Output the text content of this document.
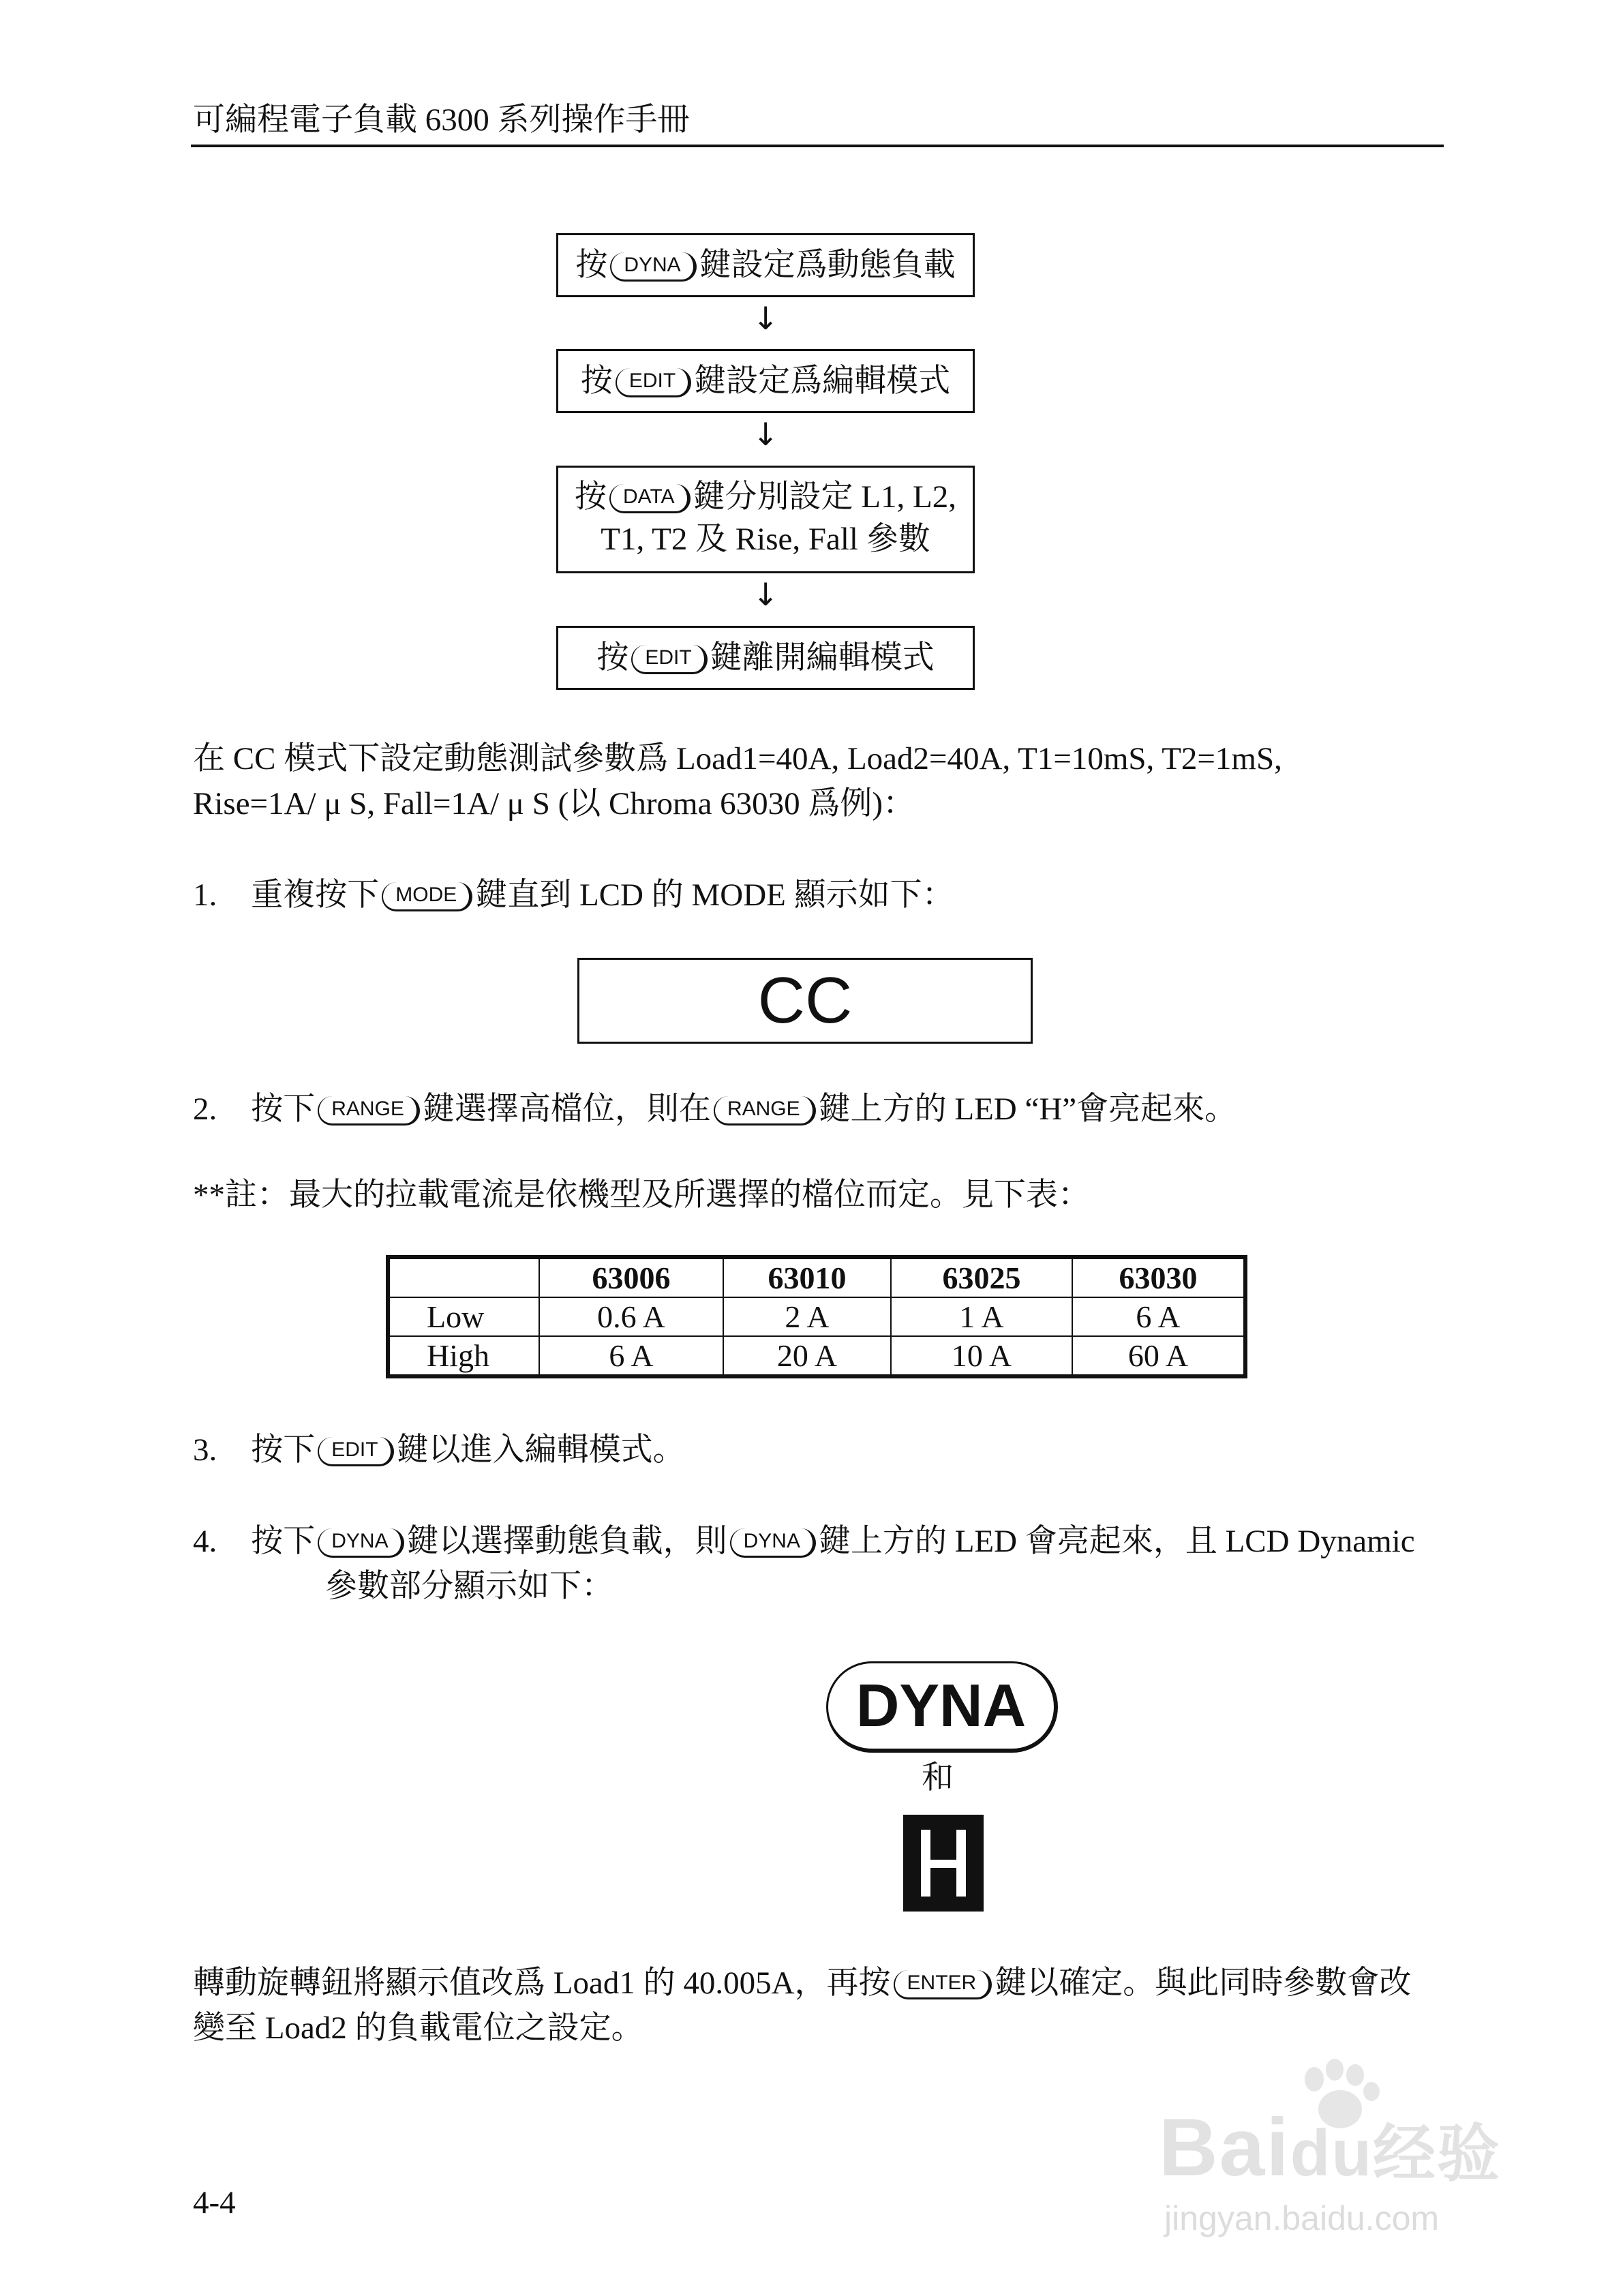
可編程電子負載 6300 系列操作手冊
按 DYNA 鍵設定爲動態負載
↓
按 EDIT 鍵設定爲編輯模式
↓
按 DATA 鍵分別設定 L1, L2,
T1, T2 及 Rise, Fall 參數
↓
按 EDIT 鍵離開編輯模式
在 CC 模式下設定動態測試參數爲 Load1=40A, Load2=40A, T1=10mS, T2=1mS,
Rise=1A/ μ S, Fall=1A/ μ S (以 Chroma 63030 爲例)：
1. 重複按下 MODE 鍵直到 LCD 的 MODE 顯示如下：
CC
2. 按下 RANGE 鍵選擇高檔位，則在 RANGE 鍵上方的 LED “H”會亮起來。
**註：最大的拉載電流是依機型及所選擇的檔位而定。見下表：
	63006	63010	63025	63030
Low	0.6 A	2 A	1 A	6 A
High	6 A	20 A	10 A	60 A
3. 按下 EDIT 鍵以進入編輯模式。
4. 按下 DYNA 鍵以選擇動態負載，則 DYNA 鍵上方的 LED 會亮起來，且 LCD Dynamic
參數部分顯示如下：
DYNA
和
轉動旋轉鈕將顯示值改爲 Load1 的 40.005A，再按 ENTER 鍵以確定。與此同時參數會改
變至 Load2 的負載電位之設定。
4-4
Baidu经验
jingyan.baidu.com
